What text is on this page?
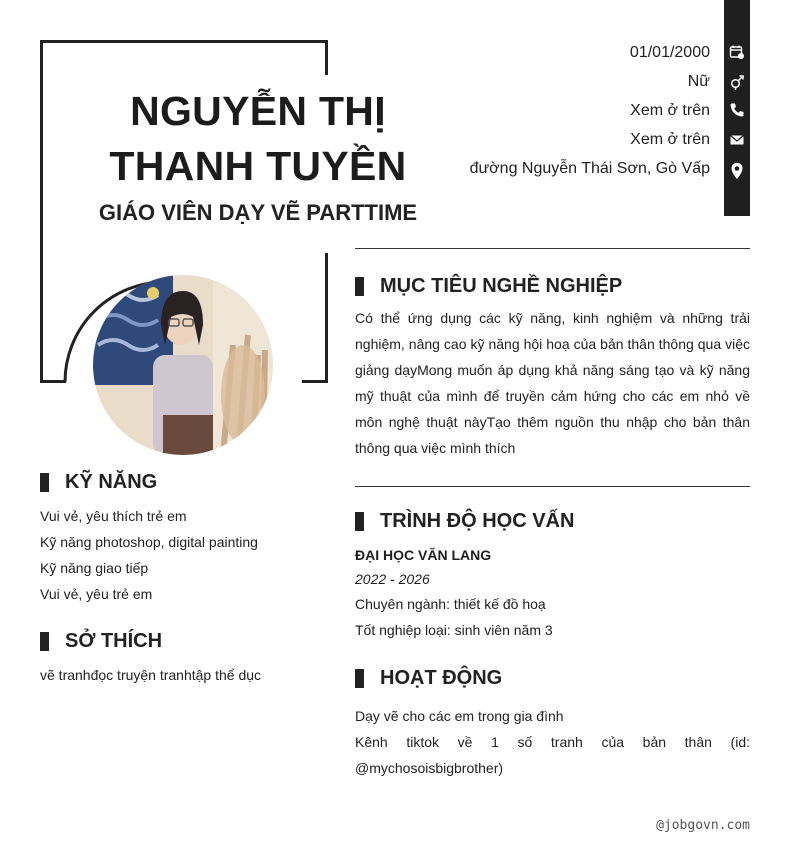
NGUYỄN THỊ
THANH TUYỀN
GIÁO VIÊN DẠY VẼ PARTTIME
01/01/2000
Nữ
Xem ở trên
Xem ở trên
đường Nguyễn Thái Sơn, Gò Vấp
MỤC TIÊU NGHỀ NGHIỆP
Có thể ứng dụng các kỹ năng, kinh nghiệm và những trải nghiệm, nâng cao kỹ năng hội hoạ của bản thân thông qua việc giảng dạyMong muốn áp dụng khả năng sáng tạo và kỹ năng mỹ thuật của mình để truyền cảm hứng cho các em nhỏ về môn nghệ thuật nàyTạo thêm nguồn thu nhập cho bản thân thông qua việc mình thích
TRÌNH ĐỘ HỌC VẤN
ĐẠI HỌC VĂN LANG
2022 - 2026
Chuyên ngành: thiết kế đồ hoạ
Tốt nghiệp loại: sinh viên năm 3
HOẠT ĐỘNG
Dạy vẽ cho các em trong gia đình
Kênh tiktok về 1 số tranh của bản thân (id: @mychosoisbigbrother)
KỸ NĂNG
Vui vẻ, yêu thích trẻ em
Kỹ năng photoshop, digital painting
Kỹ năng giao tiếp
Vui vẻ, yêu trẻ em
SỞ THÍCH
vẽ tranhđọc truyện tranhtập thể dục
@jobgovn.com
